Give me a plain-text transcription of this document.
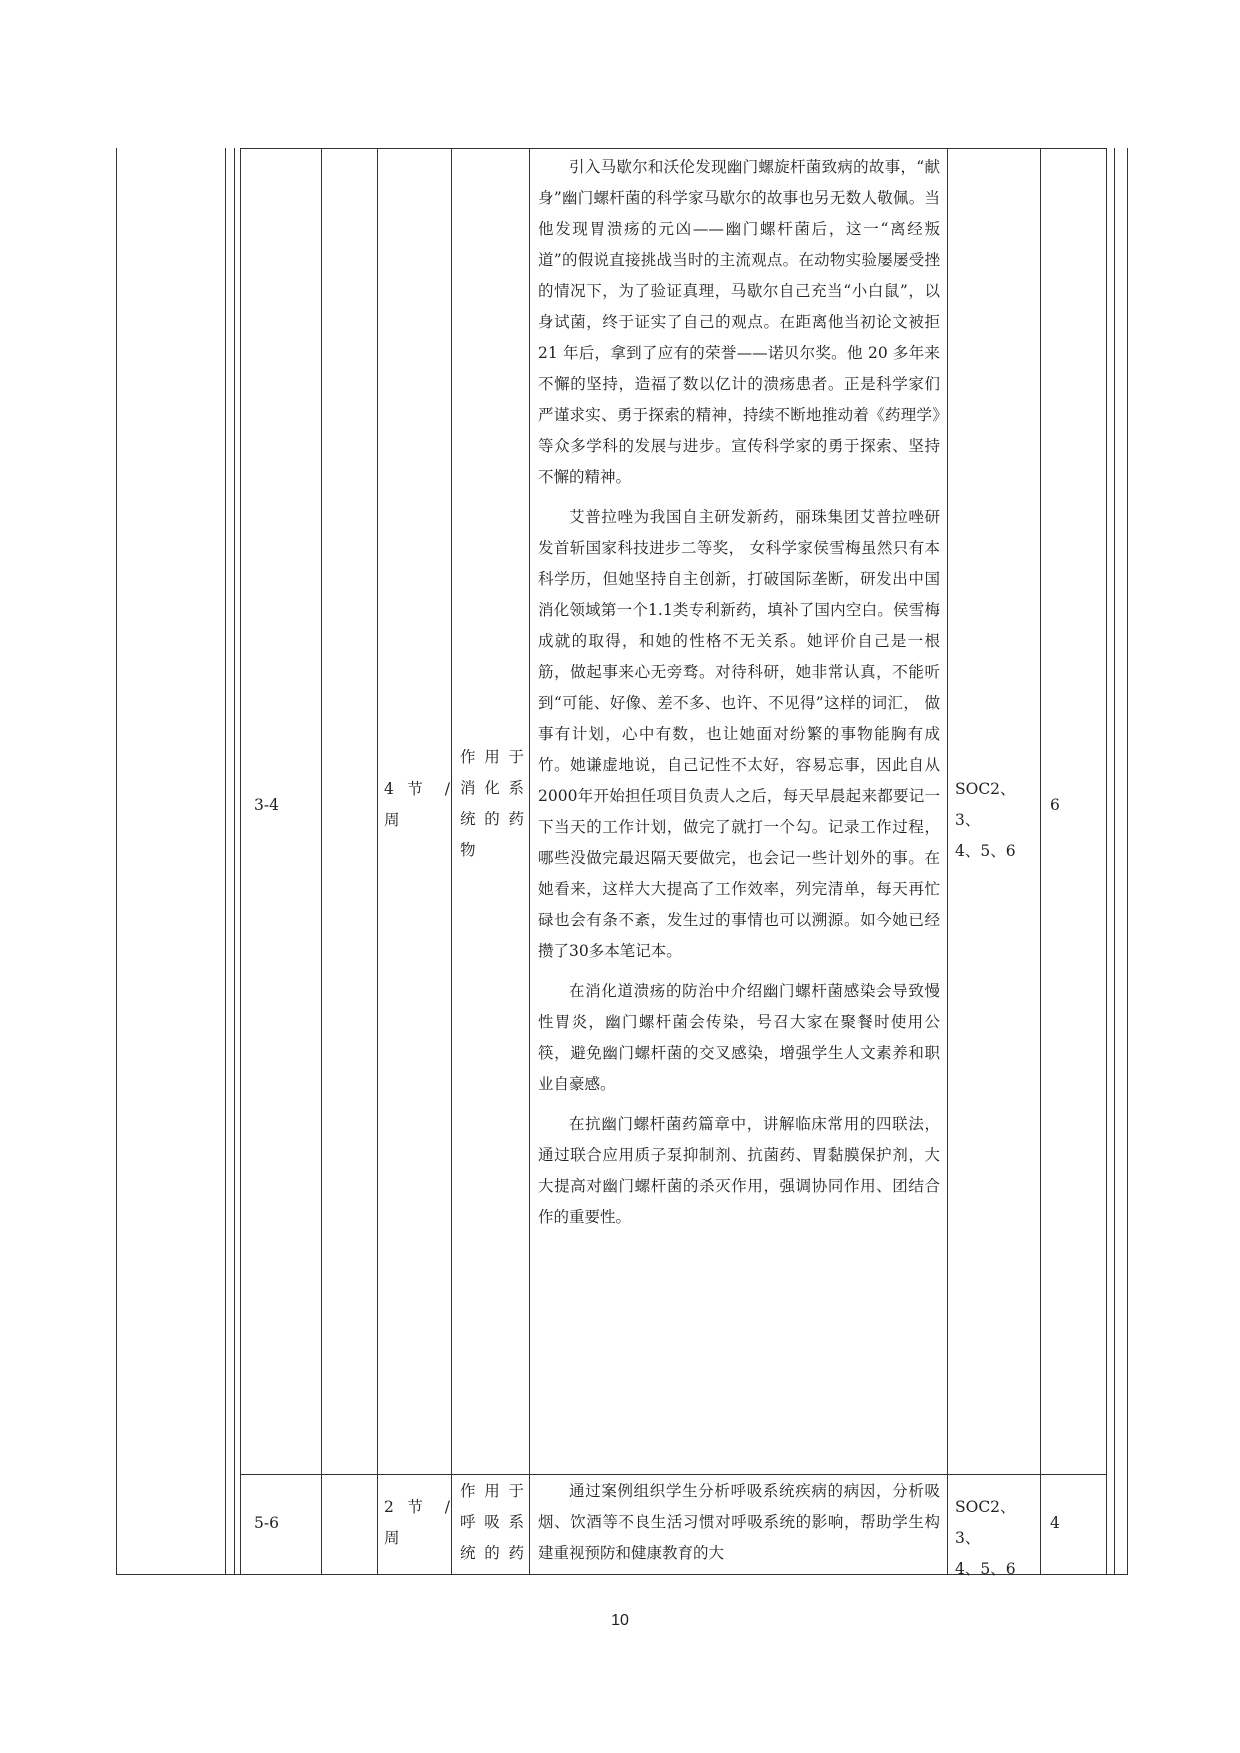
3-4
4 节 /
周
作用于
消化系
统的药
物

引入马歇尔和沃伦发现幽门螺旋杆菌致病的故事，“献身”幽门螺杆菌的科学家马歇尔的故事也另无数人敬佩。当他发现胃溃疡的元凶——幽门螺杆菌后，这一“离经叛道”的假说直接挑战当时的主流观点。在动物实验屡屡受挫的情况下，为了验证真理，马歇尔自己充当“小白鼠”，以身试菌，终于证实了自己的观点。在距离他当初论文被拒 21 年后，拿到了应有的荣誉——诺贝尔奖。他 20 多年来不懈的坚持，造福了数以亿计的溃疡患者。正是科学家们严谨求实、勇于探索的精神，持续不断地推动着《药理学》等众多学科的发展与进步。宣传科学家的勇于探索、坚持不懈的精神。

艾普拉唑为我国自主研发新药，丽珠集团艾普拉唑研发首斩国家科技进步二等奖， 女科学家侯雪梅虽然只有本科学历，但她坚持自主创新，打破国际垄断，研发出中国消化领域第一个1.1类专利新药，填补了国内空白。侯雪梅成就的取得，和她的性格不无关系。她评价自己是一根筋，做起事来心无旁骛。对待科研，她非常认真，不能听到“可能、好像、差不多、也许、不见得”这样的词汇， 做事有计划，心中有数，也让她面对纷繁的事物能胸有成竹。她谦虚地说，自己记性不太好，容易忘事，因此自从2000年开始担任项目负责人之后，每天早晨起来都要记一下当天的工作计划，做完了就打一个勾。记录工作过程，哪些没做完最迟隔天要做完，也会记一些计划外的事。在她看来，这样大大提高了工作效率，列完清单，每天再忙碌也会有条不紊，发生过的事情也可以溯源。如今她已经攒了30多本笔记本。

在消化道溃疡的防治中介绍幽门螺杆菌感染会导致慢性胃炎，幽门螺杆菌会传染，号召大家在聚餐时使用公筷，避免幽门螺杆菌的交叉感染，增强学生人文素养和职业自豪感。

在抗幽门螺杆菌药篇章中，讲解临床常用的四联法，通过联合应用质子泵抑制剂、抗菌药、胃黏膜保护剂，大大提高对幽门螺杆菌的杀灭作用，强调协同作用、团结合作的重要性。

SOC2、3、
4、5、6
6
5-6
2 节 /
周
作用于
呼吸系
统的药

通过案例组织学生分析呼吸系统疾病的病因，分析吸烟、饮酒等不良生活习惯对呼吸系统的影响，帮助学生构建重视预防和健康教育的大

SOC2、3、
4、5、6
4
10
